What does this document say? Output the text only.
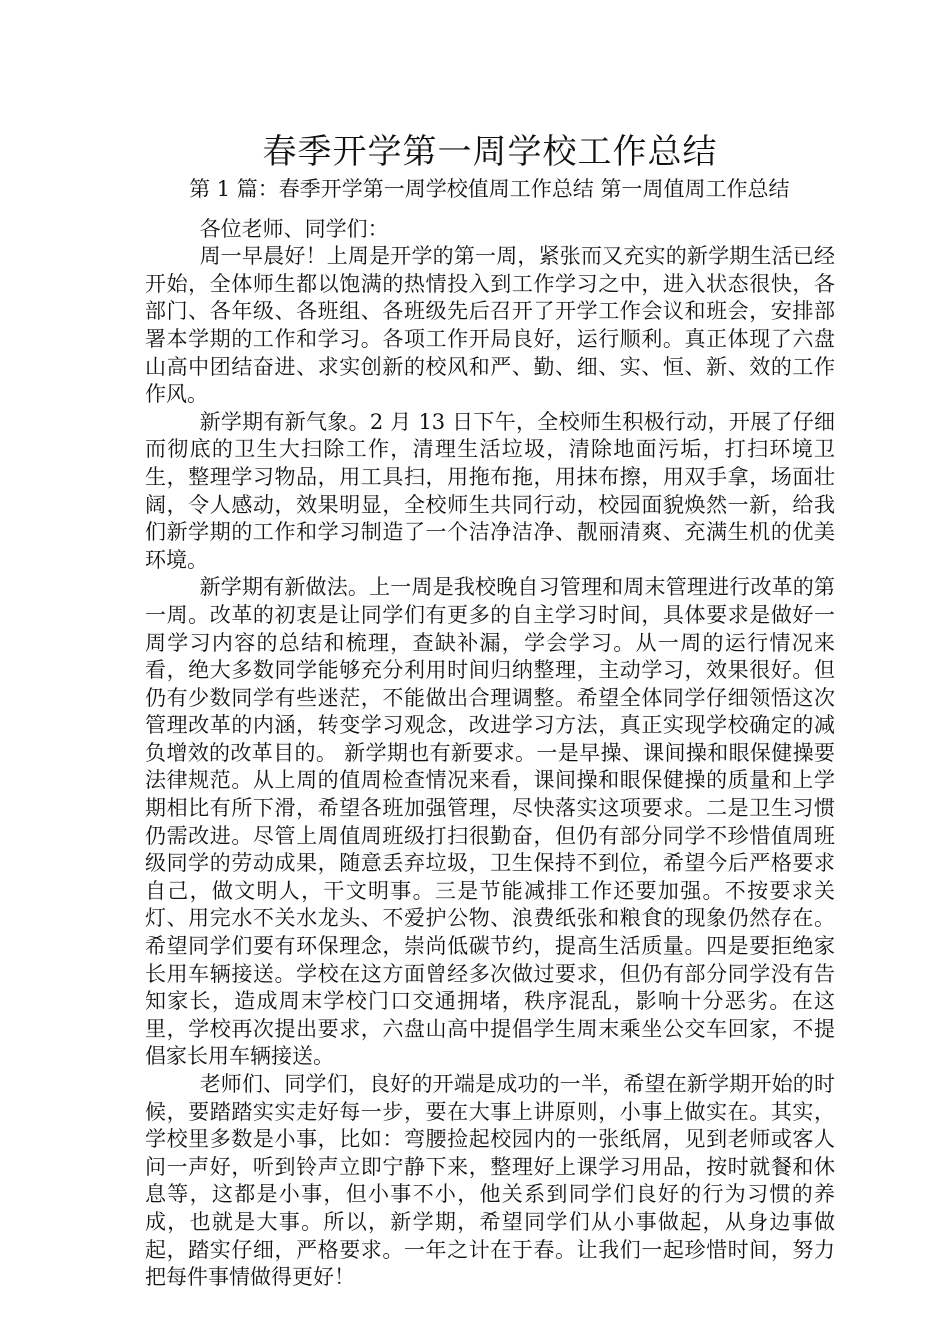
春季开学第一周学校工作总结

第 1 篇：春季开学第一周学校值周工作总结 第一周值周工作总结

各位老师、同学们：

周一早晨好！上周是开学的第一周，紧张而又充实的新学期生活已经开始，全体师生都以饱满的热情投入到工作学习之中，进入状态很快，各部门、各年级、各班组、各班级先后召开了开学工作会议和班会，安排部署本学期的工作和学习。各项工作开局良好，运行顺利。真正体现了六盘山高中团结奋进、求实创新的校风和严、勤、细、实、恒、新、效的工作作风。

新学期有新气象。2 月 13 日下午，全校师生积极行动，开展了仔细而彻底的卫生大扫除工作，清理生活垃圾，清除地面污垢，打扫环境卫生，整理学习物品，用工具扫，用拖布拖，用抹布擦，用双手拿，场面壮阔，令人感动，效果明显，全校师生共同行动，校园面貌焕然一新，给我们新学期的工作和学习制造了一个洁净洁净、靓丽清爽、充满生机的优美环境。

新学期有新做法。上一周是我校晚自习管理和周末管理进行改革的第一周。改革的初衷是让同学们有更多的自主学习时间，具体要求是做好一周学习内容的总结和梳理，查缺补漏，学会学习。从一周的运行情况来看，绝大多数同学能够充分利用时间归纳整理，主动学习，效果很好。但仍有少数同学有些迷茫，不能做出合理调整。希望全体同学仔细领悟这次管理改革的内涵，转变学习观念，改进学习方法，真正实现学校确定的减负增效的改革目的。 新学期也有新要求。一是早操、课间操和眼保健操要法律规范。从上周的值周检查情况来看，课间操和眼保健操的质量和上学期相比有所下滑，希望各班加强管理，尽快落实这项要求。二是卫生习惯仍需改进。尽管上周值周班级打扫很勤奋，但仍有部分同学不珍惜值周班级同学的劳动成果，随意丢弃垃圾，卫生保持不到位，希望今后严格要求自己，做文明人，干文明事。三是节能减排工作还要加强。不按要求关灯、用完水不关水龙头、不爱护公物、浪费纸张和粮食的现象仍然存在。希望同学们要有环保理念，崇尚低碳节约，提高生活质量。四是要拒绝家长用车辆接送。学校在这方面曾经多次做过要求，但仍有部分同学没有告知家长，造成周末学校门口交通拥堵，秩序混乱，影响十分恶劣。在这里，学校再次提出要求，六盘山高中提倡学生周末乘坐公交车回家，不提倡家长用车辆接送。

老师们、同学们，良好的开端是成功的一半，希望在新学期开始的时候，要踏踏实实走好每一步，要在大事上讲原则，小事上做实在。其实，学校里多数是小事，比如：弯腰捡起校园内的一张纸屑，见到老师或客人问一声好，听到铃声立即宁静下来，整理好上课学习用品，按时就餐和休息等，这都是小事，但小事不小，他关系到同学们良好的行为习惯的养成，也就是大事。所以，新学期，希望同学们从小事做起，从身边事做起，踏实仔细，严格要求。一年之计在于春。让我们一起珍惜时间，努力把每件事情做得更好！
